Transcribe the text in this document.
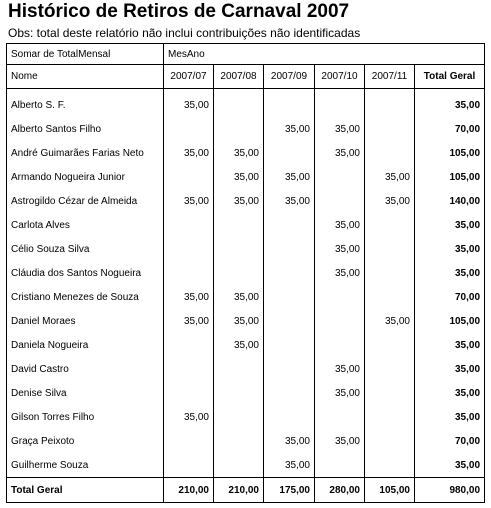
Histórico de Retiros de Carnaval 2007
Obs: total deste relatório não inclui contribuições não identificadas
Somar de TotalMensal	MesAno					
Nome	2007/07	2007/08	2007/09	2007/10	2007/11	Total Geral
Alberto S. F.	35,00					35,00
Alberto Santos Filho			35,00	35,00		70,00
André Guimarães Farias Neto	35,00	35,00		35,00		105,00
Armando Nogueira Junior		35,00	35,00		35,00	105,00
Astrogildo Cézar de Almeida	35,00	35,00	35,00		35,00	140,00
Carlota Alves				35,00		35,00
Célio Souza Silva				35,00		35,00
Cláudia dos Santos Nogueira				35,00		35,00
Cristiano Menezes de Souza	35,00	35,00				70,00
Daniel Moraes	35,00	35,00			35,00	105,00
Daniela Nogueira		35,00				35,00
David Castro				35,00		35,00
Denise Silva				35,00		35,00
Gilson Torres Filho	35,00					35,00
Graça Peixoto			35,00	35,00		70,00
Guilherme Souza			35,00			35,00
Total Geral	210,00	210,00	175,00	280,00	105,00	980,00
